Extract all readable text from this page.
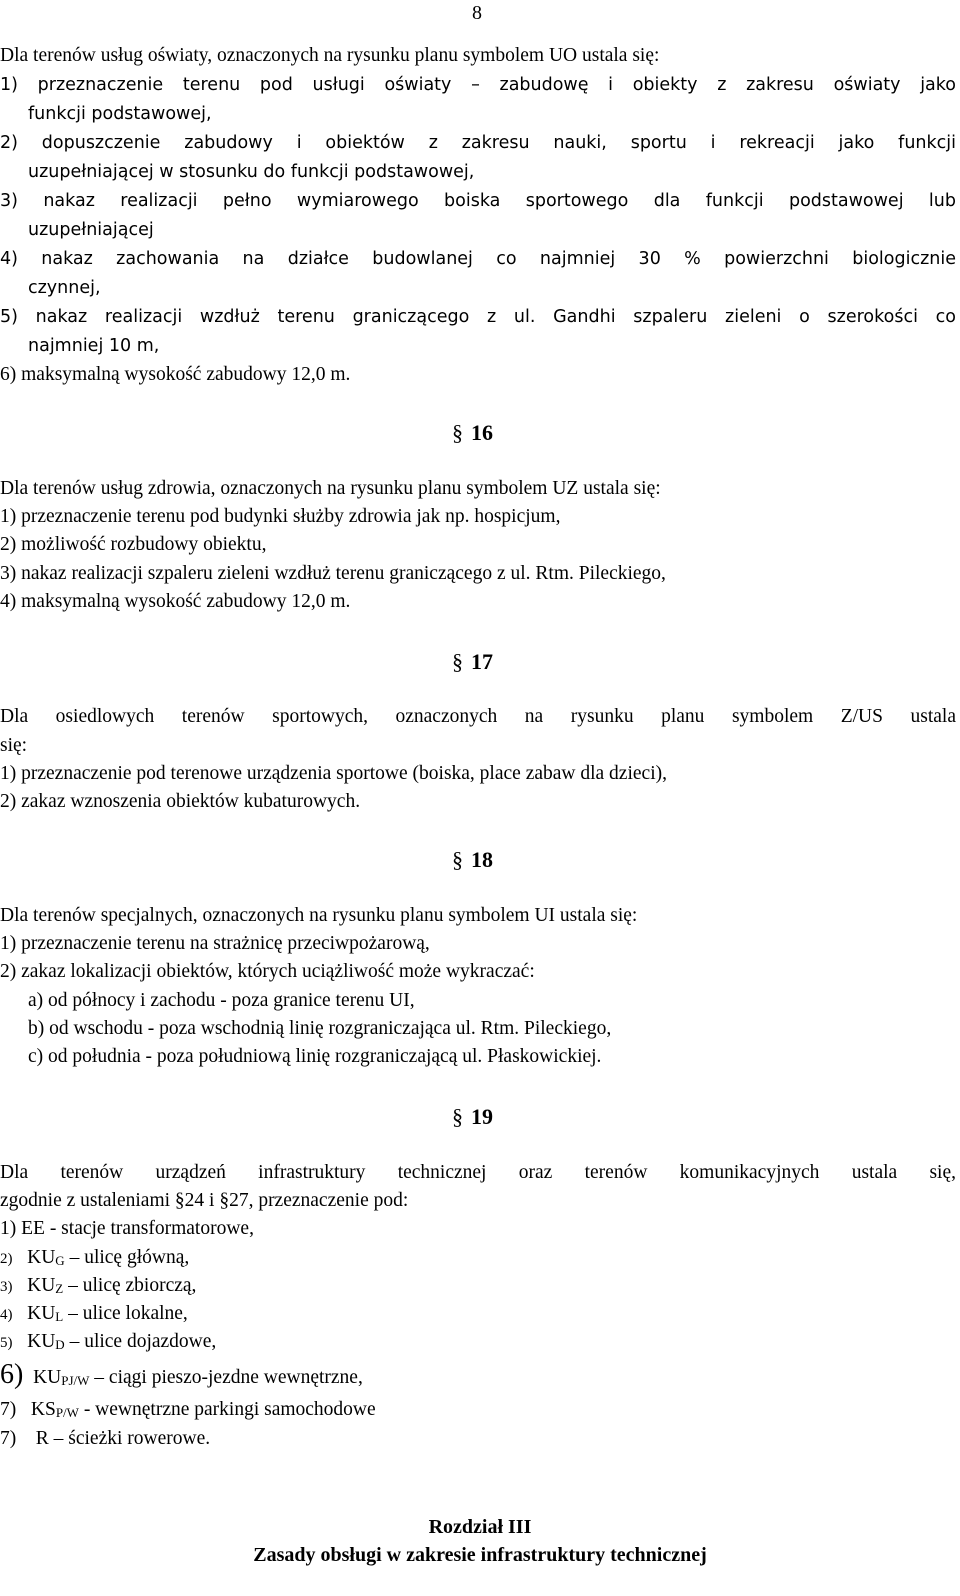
8
Dla terenów usług oświaty, oznaczonych na rysunku planu symbolem UO ustala się:
1) przeznaczenie terenu pod usługi oświaty – zabudowę i obiekty z zakresu oświaty jako
funkcji podstawowej,
2) dopuszczenie zabudowy i obiektów z zakresu nauki, sportu i rekreacji jako funkcji
uzupełniającej w stosunku do funkcji podstawowej,
3) nakaz realizacji pełno wymiarowego boiska sportowego dla funkcji podstawowej lub
uzupełniającej
4) nakaz zachowania na działce budowlanej co najmniej 30 % powierzchni biologicznie
czynnej,
5) nakaz realizacji wzdłuż terenu graniczącego z ul. Gandhi szpaleru zieleni o szerokości co
najmniej 10 m,
6) maksymalną wysokość zabudowy 12,0 m.
§ 16
Dla terenów usług zdrowia, oznaczonych na rysunku planu symbolem UZ ustala się:
1) przeznaczenie terenu pod budynki służby zdrowia jak np. hospicjum,
2) możliwość rozbudowy obiektu,
3) nakaz realizacji szpaleru zieleni wzdłuż terenu graniczącego z ul. Rtm. Pileckiego,
4) maksymalną wysokość zabudowy 12,0 m.
§ 17
Dla osiedlowych terenów sportowych, oznaczonych na rysunku planu symbolem Z/US ustala
się:
1) przeznaczenie pod terenowe urządzenia sportowe (boiska, place zabaw dla dzieci),
2) zakaz wznoszenia obiektów kubaturowych.
§ 18
Dla terenów specjalnych, oznaczonych na rysunku planu symbolem UI ustala się:
1) przeznaczenie terenu na strażnicę przeciwpożarową,
2) zakaz lokalizacji obiektów, których uciążliwość może wykraczać:
a) od północy i zachodu - poza granice terenu UI,
b) od wschodu - poza wschodnią linię rozgraniczająca ul. Rtm. Pileckiego,
c) od południa - poza południową linię rozgraniczającą ul. Płaskowickiej.
§ 19
Dla terenów urządzeń infrastruktury technicznej oraz terenów komunikacyjnych ustala się,
zgodnie z ustaleniami §24 i §27, przeznaczenie pod:
1) EE - stacje transformatorowe,
2) KUG – ulicę główną,
3) KUZ – ulicę zbiorczą,
4) KUL – ulice lokalne,
5) KUD – ulice dojazdowe,
6) KUPJ/W – ciągi pieszo-jezdne wewnętrzne,
7) KSP/W - wewnętrzne parkingi samochodowe
7) R – ścieżki rowerowe.
Rozdział III
Zasady obsługi w zakresie infrastruktury technicznej
